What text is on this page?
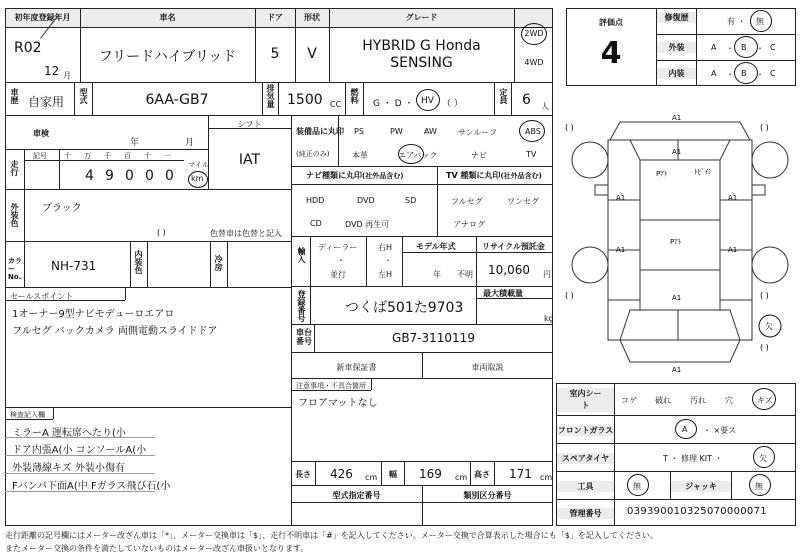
初年度登録年月	車名	ドア	形状	グレード
R02
12 月
フリードハイブリッド	5	V	HYBRID G Honda
SENSING
2WD
4WD
車歴 自家用 型式	6AA-GB7	排気量 1500 CC
燃料 G ・ D ・ HV （ ）	定員 6 人
車検
年	月
走行
記号 十 万 千 百 十 一
4 9 0 0 0
マイル
km
シフト
IAT
装備品に丸印
(純正のみ)
PS	PW	AW	サンルーフ	ABS
本革	エアバック	ナビ	TV
ナビ種類に丸印(社外品含む)	TV 種類に丸印(社外品含む)
HDD	DVD	SD
CD	DVD 再生可
フルセグ	ワンセグ
アナログ
外装色 ブラック
( )	色替車は色替と記入
輸入 ディーラー
・
並行
右H
・
左H
モデル年式
年 不明
リサイクル預託金
10,060 円
カラーNo.
NH-731	内装色	冷房
セールスポイント
1オーナー9型ナビモデューロエアロ
フルセグ バックカメラ 両側電動スライドドア
登録番号	つくば501た9703
最大積載量
kg
車台番号	GB7-3110119
新車保証書	車両取説
注意事項・不具合箇所
フロアマットなし
検査記入欄
ミラーA 運転席へたり(小
ドア内張A(小 コンソールA(小
外装薄線キズ 外装小傷有
Fバンパ下面A(中 Fガラス飛び石(小
長さ 426 cm 幅 169 cm 高さ 171 cm
型式指定番号	類別区分番号
評価点
4
修復歴	有 ・ 無
外装
内装
A ・ B ・ C
A ・ B ・ C
( )	( )
( )	( )
( )
A1
A1
Pｱﾄ	ﾄﾋﾞｲｼ
A1	A1
Pｱﾄ
A1	A1
A1
A1
欠
室内シート
コゲ 破れ 汚れ 穴	キズ
フロントガラス	A ・ ×要ス
スペアタイヤ	T ・ 修理 KIT ・	欠
工具	無	ジャッキ	無
管理番号	039390010325070000071
走行距離の記号欄にはメーター改ざん車は「*」、メーター交換車は「$」、走行不明車は「#」を記入してください。メーター交換で合算表示した場合にも「$」を記入してください。
またメーター交換の条件を満たしていないものはメーター改ざん車扱いとなります。
